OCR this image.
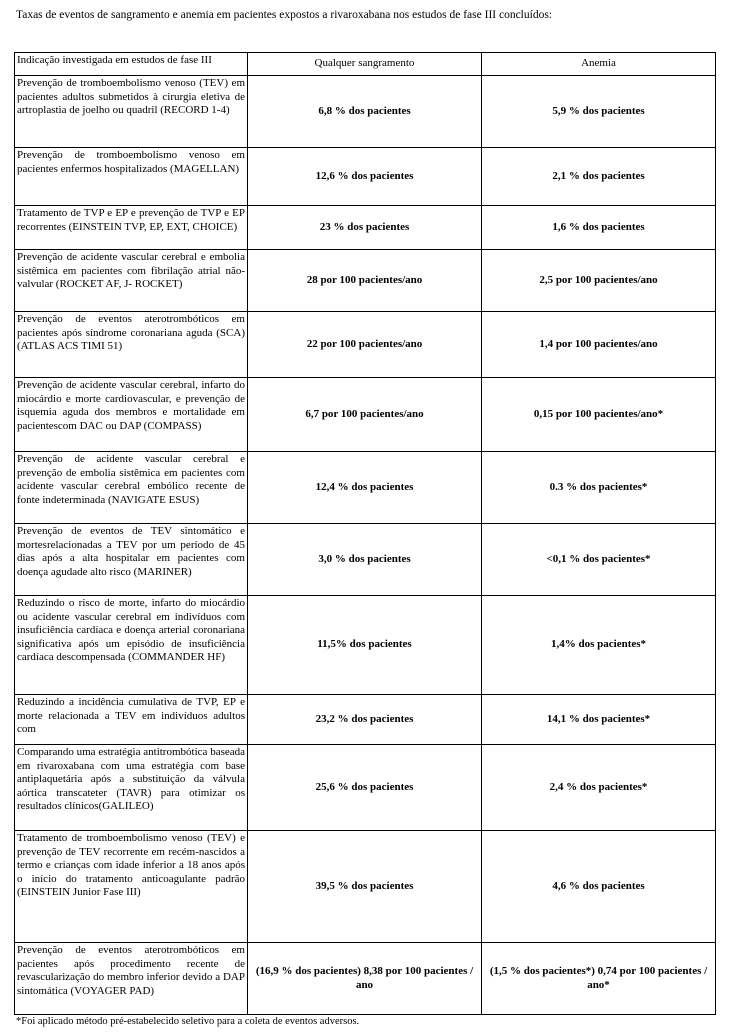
Taxas de eventos de sangramento e anemia em pacientes expostos a rivaroxabana nos estudos de fase III concluídos:
Indicação investigada em estudos de fase III	Qualquer sangramento	Anemia
Prevenção de tromboembolismo venoso (TEV) em pacientes adultos submetidos à cirurgia eletiva de artroplastia de joelho ou quadril (RECORD 1-4)	6,8 % dos pacientes	5,9 % dos pacientes
Prevenção de tromboembolismo venoso em pacientes enfermos hospitalizados (MAGELLAN)	12,6 % dos pacientes	2,1 % dos pacientes
Tratamento de TVP e EP e prevenção de TVP e EP recorrentes (EINSTEIN TVP, EP, EXT, CHOICE)	23 % dos pacientes	1,6 % dos pacientes
Prevenção de acidente vascular cerebral e embolia sistêmica em pacientes com fibrilação atrial não-valvular (ROCKET AF, J- ROCKET)	28 por 100 pacientes/ano	2,5 por 100 pacientes/ano
Prevenção de eventos aterotrombóticos em pacientes após síndrome coronariana aguda (SCA) (ATLAS ACS TIMI 51)	22 por 100 pacientes/ano	1,4 por 100 pacientes/ano
Prevenção de acidente vascular cerebral, infarto do miocárdio e morte cardiovascular, e prevenção de isquemia aguda dos membros e mortalidade em pacientescom DAC ou DAP (COMPASS)	6,7 por 100 pacientes/ano	0,15 por 100 pacientes/ano*
Prevenção de acidente vascular cerebral e prevenção de embolia sistêmica em pacientes com acidente vascular cerebral embólico recente de fonte indeterminada (NAVIGATE ESUS)	12,4 % dos pacientes	0.3 % dos pacientes*
Prevenção de eventos de TEV sintomático e mortesrelacionadas a TEV por um período de 45 dias após a alta hospitalar em pacientes com doença agudade alto risco (MARINER)	3,0 % dos pacientes	<0,1 % dos pacientes*
Reduzindo o risco de morte, infarto do miocárdio ou acidente vascular cerebral em indivíduos com insuficiência cardíaca e doença arterial coronariana significativa após um episódio de insuficiência cardíaca descompensada (COMMANDER HF)	11,5% dos pacientes	1,4% dos pacientes*
Reduzindo a incidência cumulativa de TVP, EP e morte relacionada a TEV em indivíduos adultos com	23,2 % dos pacientes	14,1 % dos pacientes*
Comparando uma estratégia antitrombótica baseada em rivaroxabana com uma estratégia com base antiplaquetária após a substituição da válvula aórtica transcateter (TAVR) para otimizar os resultados clínicos(GALILEO)	25,6 % dos pacientes	2,4 % dos pacientes*
Tratamento de tromboembolismo venoso (TEV) e prevenção de TEV recorrente em recém-nascidos a termo e crianças com idade inferior a 18 anos após o início do tratamento anticoagulante padrão (EINSTEIN Junior Fase III)	39,5 % dos pacientes	4,6 % dos pacientes
Prevenção de eventos aterotrombóticos em pacientes após procedimento recente de revascularização do membro inferior devido a DAP sintomática (VOYAGER PAD)	(16,9 % dos pacientes) 8,38 por 100 pacientes / ano	(1,5 % dos pacientes*) 0,74 por 100 pacientes / ano*
*Foi aplicado método pré-estabelecido seletivo para a coleta de eventos adversos.
